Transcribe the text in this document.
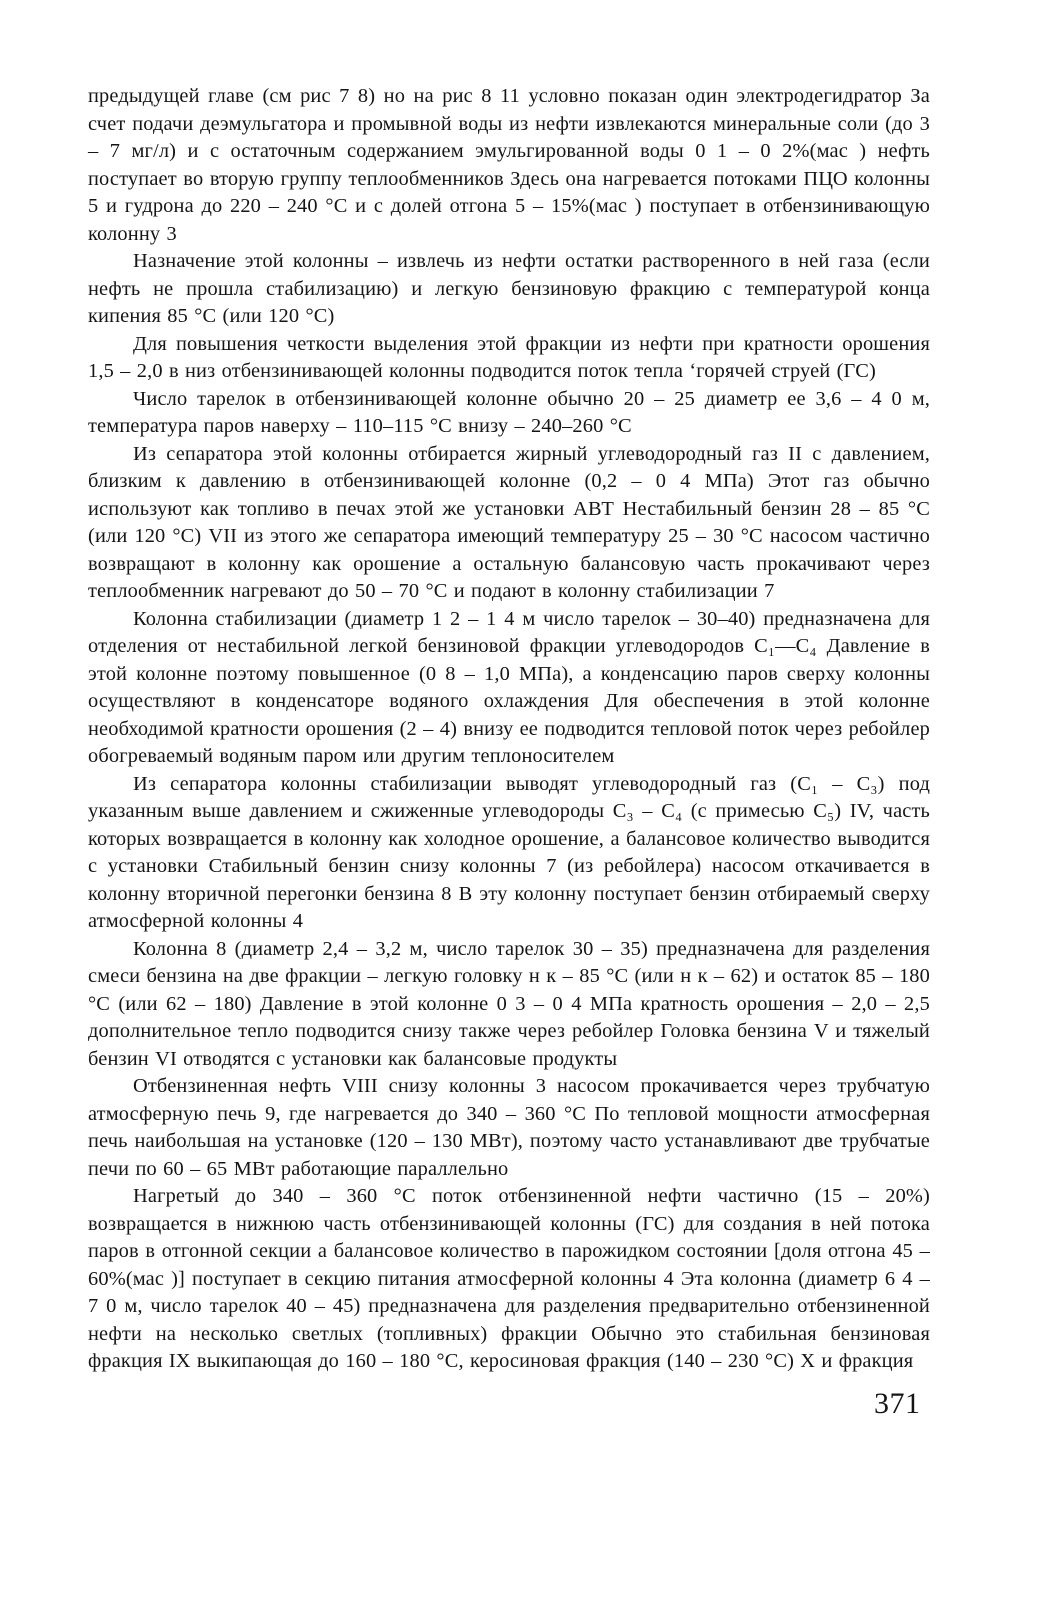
предыдущей главе (см рис 7 8) но на рис 8 11 условно показан один электродегидратор За счет подачи деэмульгатора и промывной воды из нефти извлекаются минеральные соли (до 3 – 7 мг/л) и с остаточным содержанием эмульгированной воды 0 1 – 0 2%(мас ) нефть поступает во вторую группу теплообменников Здесь она нагревается потоками ПЦО колонны 5 и гудрона до 220 – 240 °С и с долей отгона 5 – 15%(мас ) поступает в отбензинивающую колонну 3

Назначение этой колонны – извлечь из нефти остатки растворенного в ней газа (если нефть не прошла стабилизацию) и легкую бензиновую фракцию с температурой конца кипения 85 °С (или 120 °С)

Для повышения четкости выделения этой фракции из нефти при кратности орошения 1,5 – 2,0 в низ отбензинивающей колонны подводится поток тепла ‘горячей струей (ГС)

Число тарелок в отбензинивающей колонне обычно 20 – 25 диаметр ее 3,6 – 4 0 м, температура паров наверху – 110–115 °С внизу – 240–260 °С

Из сепаратора этой колонны отбирается жирный углеводородный газ II с давлением, близким к давлению в отбензинивающей колонне (0,2 – 0 4 МПа) Этот газ обычно используют как топливо в печах этой же установки АВТ Нестабильный бензин 28 – 85 °С (или 120 °С) VII из этого же сепаратора имеющий температуру 25 – 30 °С насосом частично возвращают в колонну как орошение а остальную балансовую часть прокачивают через теплообменник нагревают до 50 – 70 °С и подают в колонну стабилизации 7

Колонна стабилизации (диаметр 1 2 – 1 4 м число тарелок – 30–40) предназначена для отделения от нестабильной легкой бензиновой фракции углеводородов C₁—C₄ Давление в этой колонне поэтому повышенное (0 8 – 1,0 МПа), а конденсацию паров сверху колонны осуществляют в конденсаторе водяного охлаждения Для обеспечения в этой колонне необходимой кратности орошения (2 – 4) внизу ее подводится тепловой поток через ребойлер обогреваемый водяным паром или другим теплоносителем

Из сепаратора колонны стабилизации выводят углеводородный газ (C₁ – C₃) под указанным выше давлением и сжиженные углеводороды C₃ – C₄ (с примесью C₅) IV, часть которых возвращается в колонну как холодное орошение, а балансовое количество выводится с установки Стабильный бензин снизу колонны 7 (из ребойлера) насосом откачивается в колонну вторичной перегонки бензина 8 В эту колонну поступает бензин отбираемый сверху атмосферной колонны 4

Колонна 8 (диаметр 2,4 – 3,2 м, число тарелок 30 – 35) предназначена для разделения смеси бензина на две фракции – легкую головку н к – 85 °С (или н к – 62) и остаток 85 – 180 °С (или 62 – 180) Давление в этой колонне 0 3 – 0 4 МПа кратность орошения – 2,0 – 2,5 дополнительное тепло подводится снизу также через ребойлер Головка бензина V и тяжелый бензин VI отводятся с установки как балансовые продукты

Отбензиненная нефть VIII снизу колонны 3 насосом прокачивается через трубчатую атмосферную печь 9, где нагревается до 340 – 360 °С По тепловой мощности атмосферная печь наибольшая на установке (120 – 130 МВт), поэтому часто устанавливают две трубчатые печи по 60 – 65 МВт работающие параллельно

Нагретый до 340 – 360 °С поток отбензиненной нефти частично (15 – 20%) возвращается в нижнюю часть отбензинивающей колонны (ГС) для создания в ней потока паров в отгонной секции а балансовое количество в парожидком состоянии [доля отгона 45 – 60%(мас )] поступает в секцию питания атмосферной колонны 4 Эта колонна (диаметр 6 4 – 7 0 м, число тарелок 40 – 45) предназначена для разделения предварительно отбензиненной нефти на несколько светлых (топливных) фракции Обычно это стабильная бензиновая фракция IX выкипающая до 160 – 180 °С, керосиновая фракция (140 – 230 °С) X и фракция

371
